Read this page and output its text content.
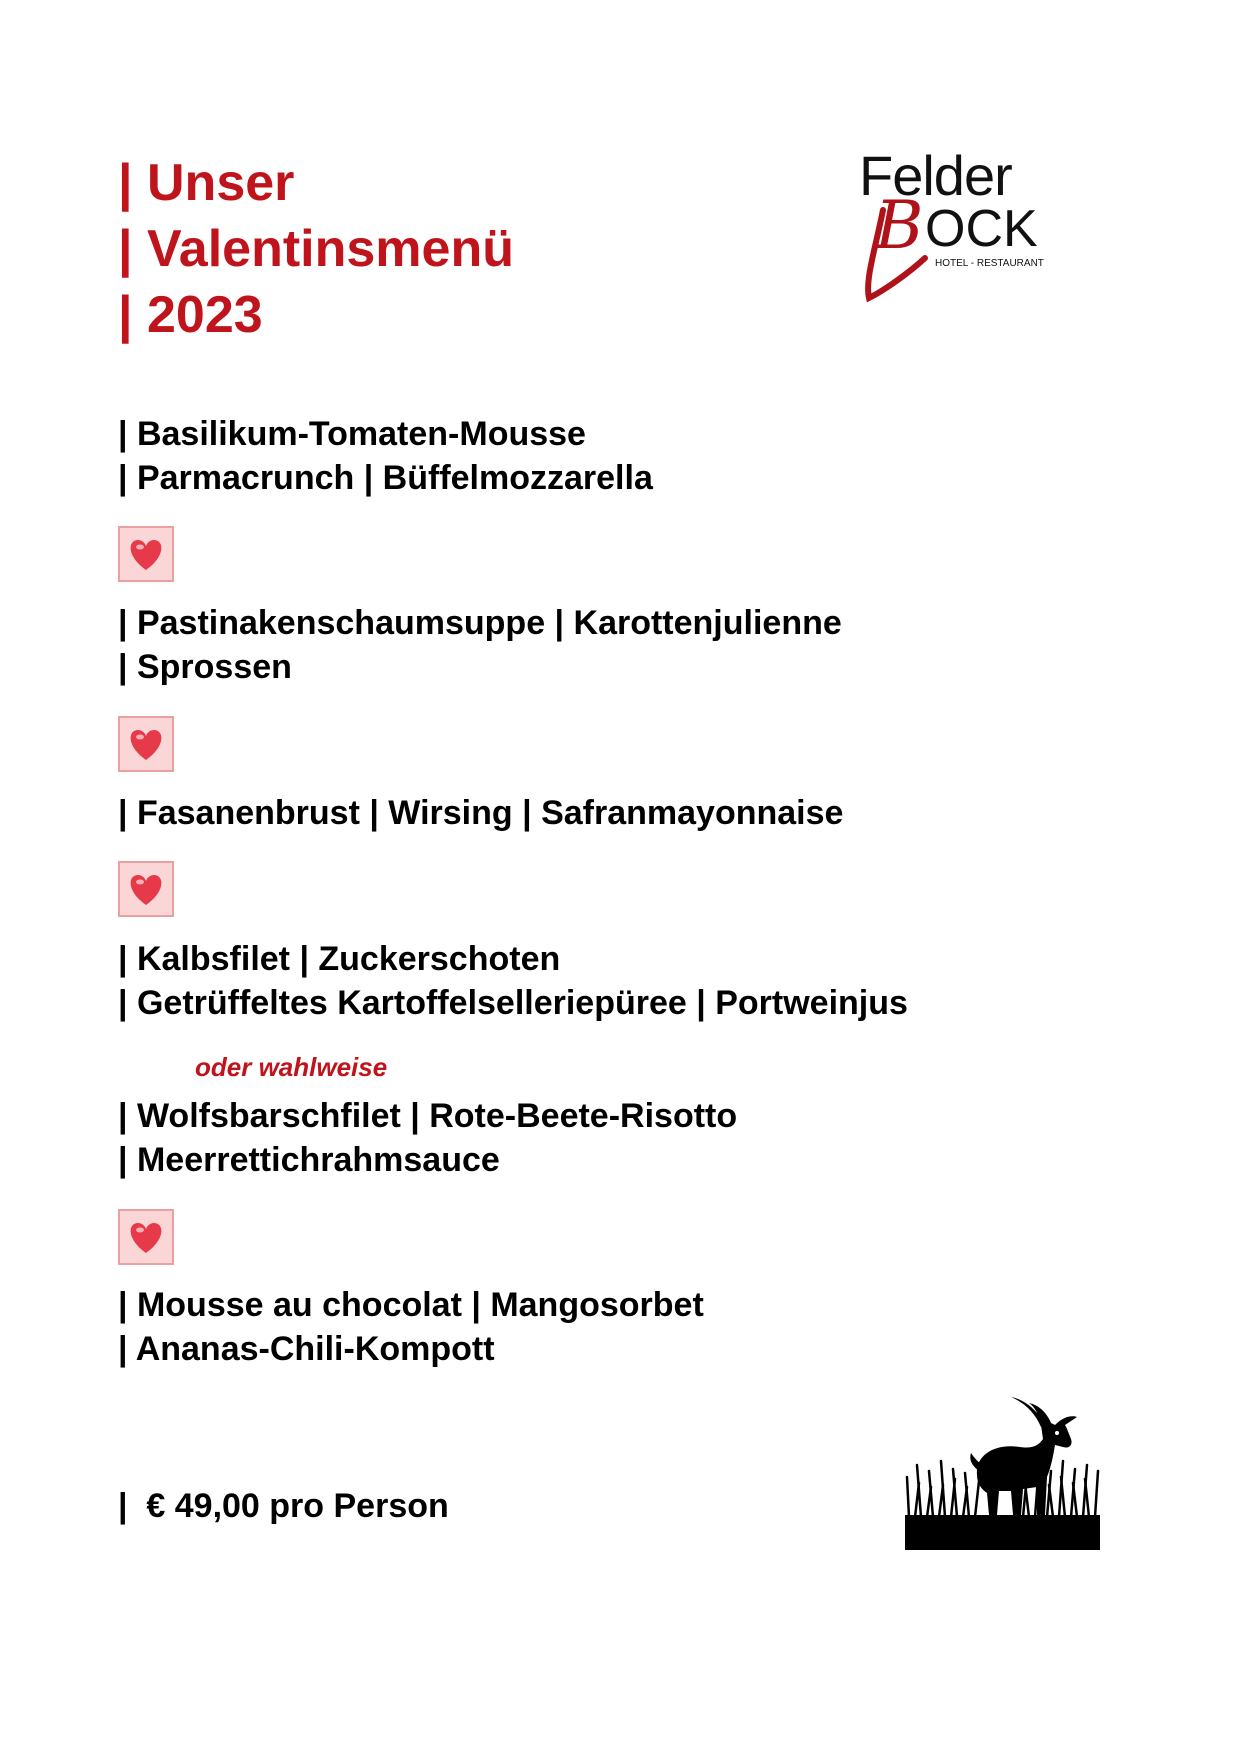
| Unser
| Valentinsmenü
| 2023
Felder
B OCK
HOTEL - RESTAURANT
| Basilikum-Tomaten-Mousse
| Parmacrunch | Büffelmozzarella
| Pastinakenschaumsuppe | Karottenjulienne
| Sprossen
| Fasanenbrust | Wirsing | Safranmayonnaise
| Kalbsfilet | Zuckerschoten
| Getrüffeltes Kartoffelselleriepüree | Portweinjus
oder wahlweise
| Wolfsbarschfilet | Rote-Beete-Risotto
| Meerrettichrahmsauce
| Mousse au chocolat | Mangosorbet
| Ananas-Chili-Kompott
|  € 49,00 pro Person
